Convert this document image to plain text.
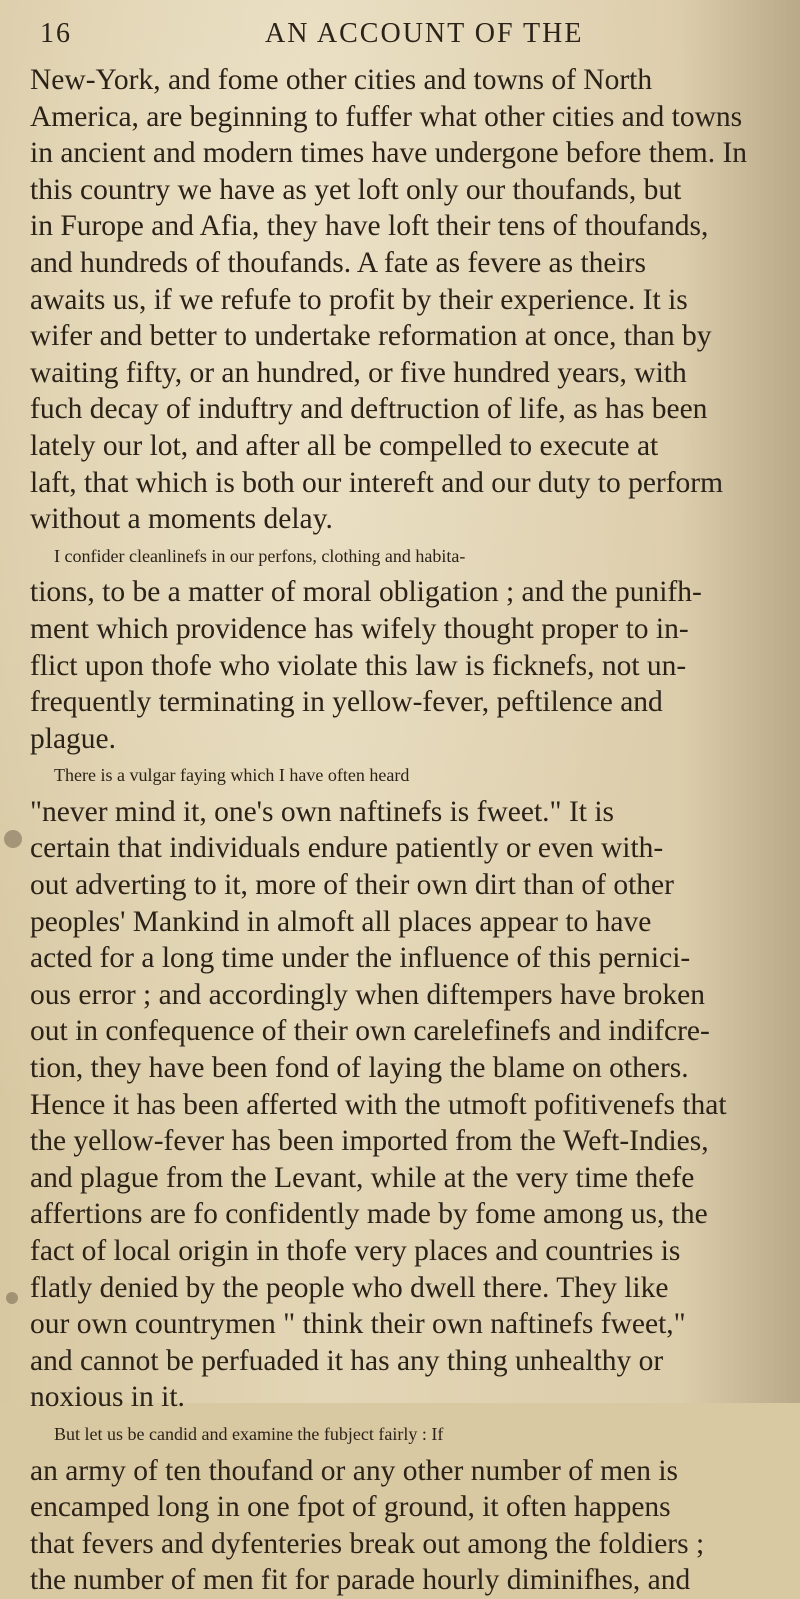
16	AN ACCOUNT OF THE
New-York, and fome other cities and towns of North
America, are beginning to fuffer what other cities and towns
in ancient and modern times have undergone before them. In
this country we have as yet loft only our thoufands, but
in Furope and Afia, they have loft their tens of thoufands,
and hundreds of thoufands. A fate as fevere as theirs
awaits us, if we refufe to profit by their experience. It is
wifer and better to undertake reformation at once, than by
waiting fifty, or an hundred, or five hundred years, with
fuch decay of induftry and deftruction of life, as has been
lately our lot, and after all be compelled to execute at
laft, that which is both our intereft and our duty to perform
without a moments delay.
I confider cleanlinefs in our perfons, clothing and habita-
tions, to be a matter of moral obligation ; and the punifh-
ment which providence has wifely thought proper to in-
flict upon thofe who violate this law is ficknefs, not un-
frequently terminating in yellow-fever, peftilence and
plague.
There is a vulgar faying which I have often heard
"never mind it, one's own naftinefs is fweet." It is
certain that individuals endure patiently or even with-
out adverting to it, more of their own dirt than of other
peoples' Mankind in almoft all places appear to have
acted for a long time under the influence of this pernici-
ous error ; and accordingly when diftempers have broken
out in confequence of their own carelefinefs and indifcre-
tion, they have been fond of laying the blame on others.
Hence it has been afferted with the utmoft pofitivenefs that
the yellow-fever has been imported from the Weft-Indies,
and plague from the Levant, while at the very time thefe
affertions are fo confidently made by fome among us, the
fact of local origin in thofe very places and countries is
flatly denied by the people who dwell there. They like
our own countrymen " think their own naftinefs fweet,"
and cannot be perfuaded it has any thing unhealthy or
noxious in it.
But let us be candid and examine the fubject fairly : If
an army of ten thoufand or any other number of men is
encamped long in one fpot of ground, it often happens
that fevers and dyfenteries break out among the foldiers ;
the number of men fit for parade hourly diminifhes, and
